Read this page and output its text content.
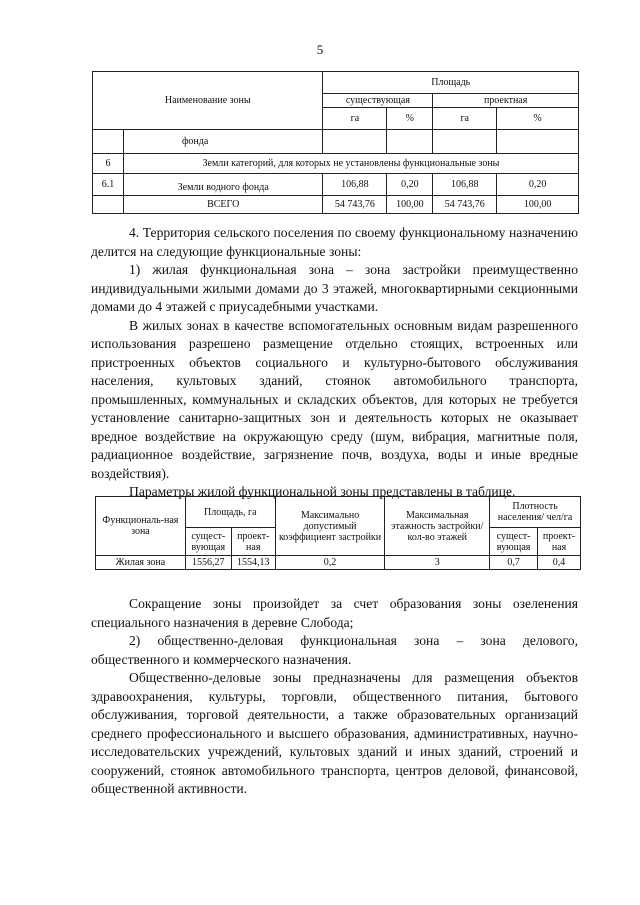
5
Наименование зоны		Площадь			
		существующая		проектная	
		га	%	га	%
	фонда				
6	Земли категорий, для которых не установлены функциональные зоны				
6.1	Земли водного фонда	106,88	0,20	106,88	0,20
	ВСЕГО	54 743,76	100,00	54 743,76	100,00

4. Территория сельского поселения по своему функциональному назначению делится на следующие функциональные зоны:

1) жилая функциональная зона – зона застройки преимущественно индивидуальными жилыми домами до 3 этажей, многоквартирными секционными домами до 4 этажей с приусадебными участками.

В жилых зонах в качестве вспомогательных основным видам разрешенного использования разрешено размещение отдельно стоящих, встроенных или пристроенных объектов социального и культурно-бытового обслуживания населения, культовых зданий, стоянок автомобильного транспорта, промышленных, коммунальных и складских объектов, для которых не требуется установление санитарно-защитных зон и деятельность которых не оказывает вредное воздействие на окружающую среду (шум, вибрация, магнитные поля, радиационное воздействие, загрязнение почв, воздуха, воды и иные вредные воздействия).

Параметры жилой функциональной зоны представлены в таблице.

Функциональ-ная зона	Площадь, га		Максимально допустимый коэффициент застройки	Максимальная этажность застройки/кол-во этажей	Плотность населения/ чел/га	
	сущест-вующая	проект-ная			сущест-вующая	проект-ная
Жилая зона	1556,27	1554,13	0,2	3	0,7	0,4

Сокращение зоны произойдет за счет образования зоны озеленения специального назначения в деревне Слобода;

2) общественно-деловая функциональная зона – зона делового, общественного и коммерческого назначения.

Общественно-деловые зоны предназначены для размещения объектов здравоохранения, культуры, торговли, общественного питания, бытового обслуживания, торговой деятельности, а также образовательных организаций среднего профессионального и высшего образования, административных, научно-исследовательских учреждений, культовых зданий и иных зданий, строений и сооружений, стоянок автомобильного транспорта, центров деловой, финансовой, общественной активности.
